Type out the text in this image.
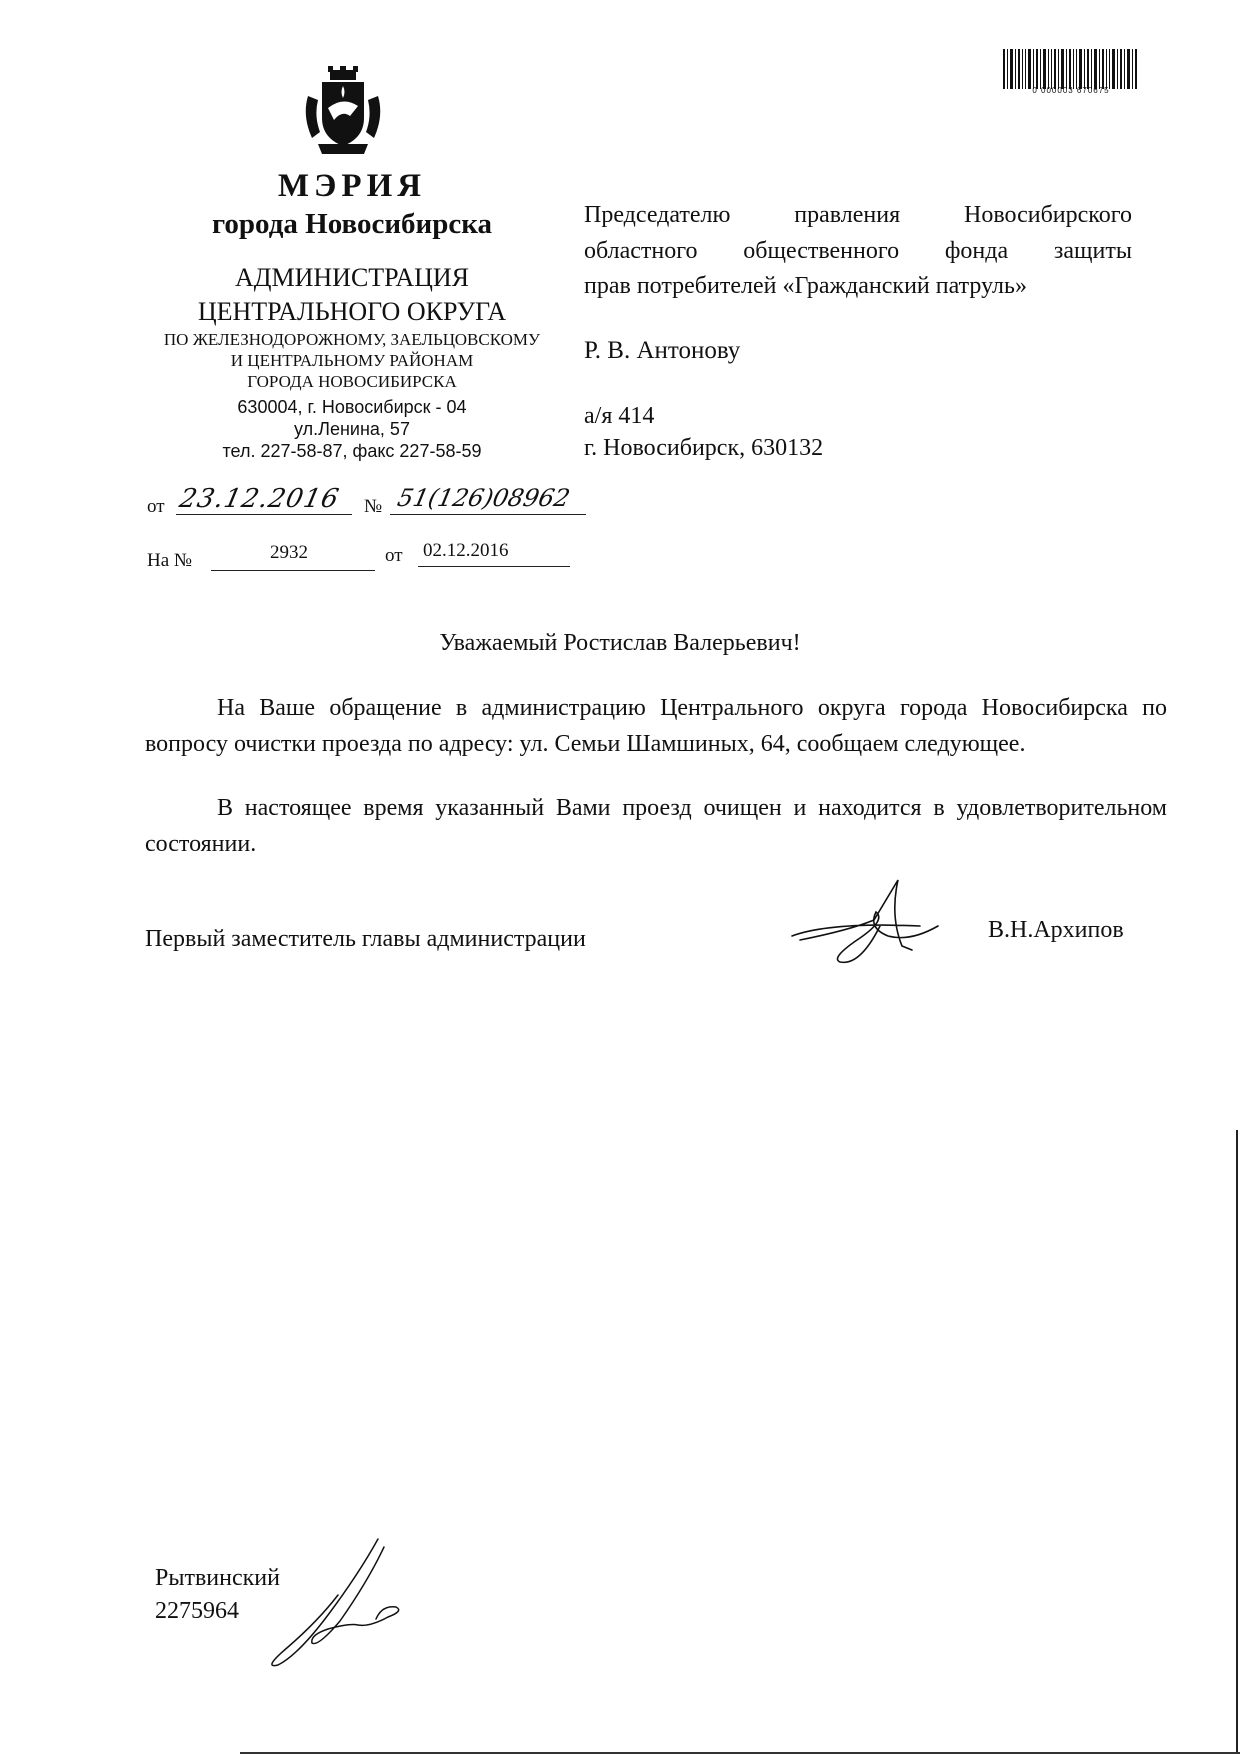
0 000003 670675
МЭРИЯ
города Новосибирска
АДМИНИСТРАЦИЯ
ЦЕНТРАЛЬНОГО ОКРУГА
ПО ЖЕЛЕЗНОДОРОЖНОМУ, ЗАЕЛЬЦОВСКОМУ
И ЦЕНТРАЛЬНОМУ РАЙОНАМ
ГОРОДА НОВОСИБИРСКА
630004, г. Новосибирск - 04
ул.Ленина, 57
тел. 227-58-87, факс 227-58-59
Председателю правления Новосибирского
областного общественного фонда защиты
прав потребителей «Гражданский патруль»
Р. В. Антонову
а/я 414
г. Новосибирск, 630132
от 23.12.2016 № 51(126)08962
На №	2932	от 02.12.2016
Уважаемый Ростислав Валерьевич!
На Ваше обращение в администрацию Центрального округа города Новосибирска по вопросу очистки проезда по адресу: ул. Семьи Шамшиных, 64, сообщаем следующее.
В настоящее время указанный Вами проезд очищен и находится в удовлетворительном состоянии.
Первый заместитель главы администрации	В.Н.Архипов
Рытвинский
2275964
